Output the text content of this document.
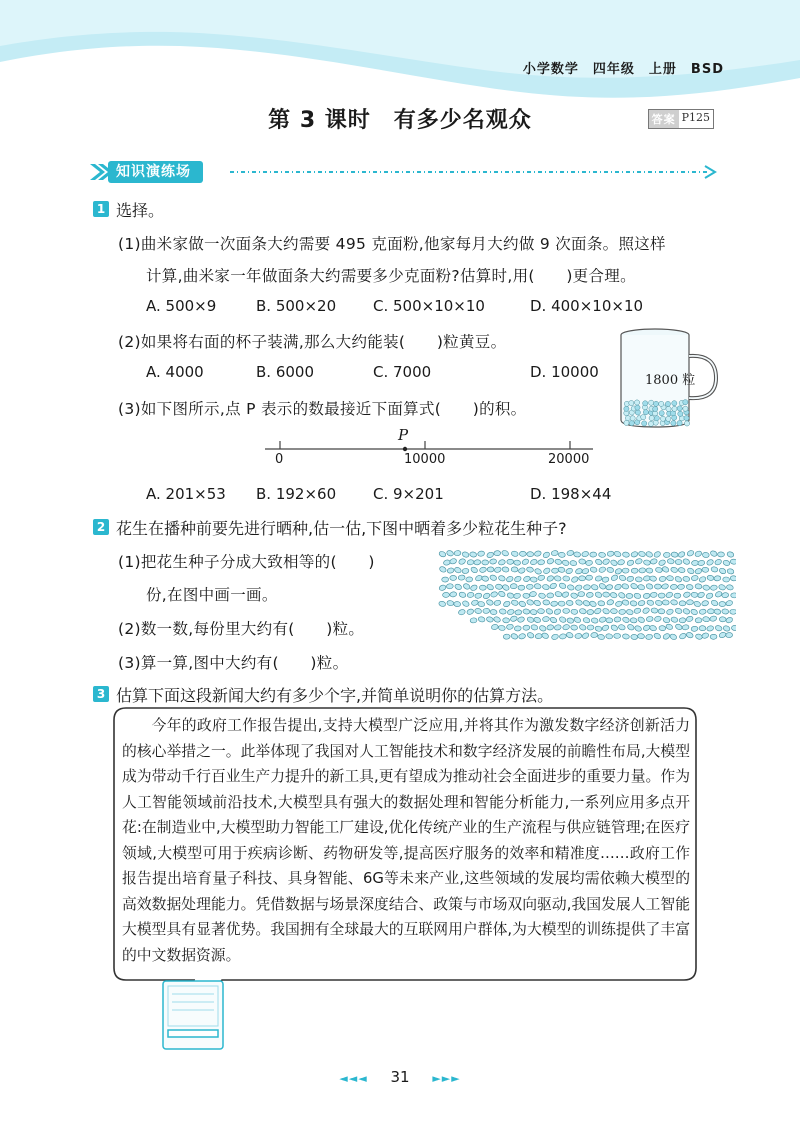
小学数学　四年级　上册　BSD
第 3 课时　有多少名观众	答案 P125
知识演练场
1 选择。
(1)曲米家做一次面条大约需要 495 克面粉,他家每月大约做 9 次面条。照这样
计算,曲米家一年做面条大约需要多少克面粉?估算时,用(　　)更合理。
A. 500×9	B. 500×20 C. 500×10×10	D. 400×10×10
(2)如果将右面的杯子装满,那么大约能装(　　)粒黄豆。
A. 4000	B. 6000	C. 7000	D. 10000	1800 粒
(3)如下图所示,点 P 表示的数最接近下面算式(　　)的积。
P
0	10000	20000
A. 201×53 B. 192×60 C. 9×201	D. 198×44
2 花生在播种前要先进行晒种,估一估,下图中晒着多少粒花生种子?
(1)把花生种子分成大致相等的(　　)
份,在图中画一画。
(2)数一数,每份里大约有(　　)粒。
(3)算一算,图中大约有(　　)粒。
3 估算下面这段新闻大约有多少个字,并简单说明你的估算方法。
今年的政府工作报告提出,支持大模型广泛应用,并将其作为激发数字经济创新活力的核心举措之一。此举体现了我国对人工智能技术和数字经济发展的前瞻性布局,大模型成为带动千行百业生产力提升的新工具,更有望成为推动社会全面进步的重要力量。作为人工智能领域前沿技术,大模型具有强大的数据处理和智能分析能力,一系列应用多点开花:在制造业中,大模型助力智能工厂建设,优化传统产业的生产流程与供应链管理;在医疗领域,大模型可用于疾病诊断、药物研发等,提高医疗服务的效率和精准度……政府工作报告提出培育量子科技、具身智能、6G等未来产业,这些领域的发展均需依赖大模型的高效数据处理能力。凭借数据与场景深度结合、政策与市场双向驱动,我国发展人工智能大模型具有显著优势。我国拥有全球最大的互联网用户群体,为大模型的训练提供了丰富的中文数据资源。
◄◄◄ 31 ►►►
